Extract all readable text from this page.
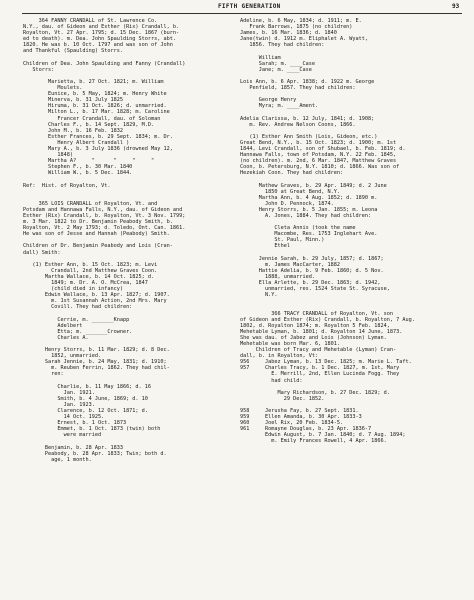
FIFTH GENERATION	93
364 FANNY CRANDALL of St. Lawrence Co.
N.Y., dau. of Gideon and Esther (Rix) Crandall, b.
Royalton, Vt. 27 Apr. 1795; d. 15 Dec. 1867 (burn-
ed to death). m. Dea. John Spaulding Storrs, abt.
1820. He was b. 10 Oct. 1797 and was son of John
and Thankful (Spaulding) Storrs.
Children of Dea. John Spaulding and Fanny (Crandall)
Storrs:
Marietta, b. 27 Oct. 1821; m. William
Moulets.
Eunice, b. 5 May, 1824; m. Henry White
Minerva, b. 31 July 1825
Hiruma, b. 31 Oct. 1826; d. unmarried.
Milton L., b. 17 Mar. 1828; m. Caroline
Francer Crandall, dau. of Soloman
Charles F., b. 14 Sept. 1829, M.D.
John M., b. 16 Feb. 1832
Esther Frances, b. 29 Sept. 1834; m. Dr.
Henry Albert Crandall )
Mary A., b. 3 July 1836 (drowned May 12,
1848)
Martha A?     "      "     "     "
Stephen F., b. 30 Mar. 1840
William W., b. 5 Dec. 1844.
Ref:  Hist. of Royalton, Vt.
365 LOIS CRANDALL of Royalton, Vt. and
Potsdam and Hannawa Falls, N.Y., dau. of Gideon and
Esther (Rix) Crandall, b. Royalton, Vt. 3 Nov. 1799;
m. 3 Mar. 1822 to Dr. Benjamin Peabody Smith, b.
Royalton, Vt. 2 May 1793; d. Toledo, Ont. Can. 1861.
He was son of Jesse and Hannah (Peabody) Smith.
Children of Dr. Benjamin Peabody and Lois (Cran-
dall) Smith:
(1) Esther Ann, b. 15 Oct. 1823; m. Levi
Crandall, 2nd Matthew Graves Coon.
Martha Wallace, b. 14 Oct. 1825; d.
1849; m. Dr. A. O. McCrea, 1847
(child died in infancy)
Edwin Wallace, b. 13 Apr. 1827; d. 1907.
m. 1st Susannah Action, 2nd Mrs. Mary
Covill. They had children:
Cerrie, m. _______Knapp
Adelbert
Etta; m. _______Crowner.
Charles A.
Henry Storrs, b. 11 Mar. 1829; d. 8 Dec.
1852, unmarried.
Sarah Jennie, b. 24 May, 1831; d. 1910;
m. Reuben Ferrin, 1862. They had chil-
ren:
Charlie, b. 11 May 1866; d. 16
Jan. 1921.
Smith, b. 4 June, 1869; d. 10
Jan. 1923.
Clarence, b. 12 Oct. 1871; d.
14 Oct. 1925.
Ernest, b. 1 Oct. 1873
Emmet, b. 1 Oct. 1873 (twin) both
were married
Benjamin, b. 28 Apr. 1833
Peabody, b. 28 Apr. 1833; Twin; both d.
age, 1 month.
Adeline, b. 6 May, 1834; d. 1911; m. E.
Frank Barrows, 1875 (no children)
James, b. 16 Mar. 1836; d. 1840
Jane(twin) d. 1912 m. Eliphalet A. Wyatt,
1856. They had children:
William
Sarah; m. ____Case
Jane; m. ____Case
Lois Ann, b. 6 Apr. 1838; d. 1922 m. George
Penfield, 1857. They had children:
George Henry
Myra; m. ____Ament.
Adelia Clarissa, b. 12 July, 1841; d. 1908;
m. Rev. Andrew Nelson Coons, 1866.
(1) Esther Ann Smith (Lois, Gideon, etc.)
Great Bend, N.Y., b. 15 Oct. 1823; d. 1900; m. 1st
1844, Levi Crandall, son of Shubael, b. Feb. 1819; d.
Hannawa Falls, town of Potsdam, N.Y. 22 Feb. 1845,
(no children). m. 2nd, 6 Mar. 1847, Matthew Graves
Coon, b. Petersburg, N.Y. 1810; d. 1866. Was son of
Hezekiah Coon. They had children:
Mathew Graves, b. 29 Apr. 1849; d. 2 June
1850 at Great Bend, N.Y.
Martha Ann, b. 4 Aug. 1852; d. 1890 m.
John D. Pennock, 1874.
Henry Storrs, b. 5 Jan. 1855; m. Leona
A. Jones, 1884. They had children:
Cleta Annis (took the name
Macombe, Res. 1753 Inglehart Ave.
St. Paul, Minn.)
Ethel
Jennie Sarah, b. 29 July, 1857; d. 1867;
m. James MacCarter, 1882
Hattie Adelia, b. 9 Feb. 1860; d. 5 Nov.
1888, unmarried.
Ella Arlette, b. 29 Dec. 1863; d. 1942,
unmarried, res. 1524 State St. Syracuse,
N.Y.
366 TRACY CRANDALL of Royalton, Vt. son
of Gideon and Esther (Rix) Crandall, b. Royalton, 7 Aug.
1802, d. Royalton 1874; m. Royalton 5 Feb. 1824,
Mehetable Lyman, b. 1801; d. Royalton 14 June, 1873.
She was dau. of Jabez and Lois (Johnson) Lyman.
Mehetable was born Mar. 6, 1801.
Children of Tracy and Mehetable (Lyman) Cran-
dall, b. in Royalton, Vt:
956     Jabez Lyman, b. 13 Dec. 1825; m. Marie L. Taft.
957     Charles Tracy, b. 1 Dec. 1827, m. 1st, Mary
E. Merrill, 2nd, Ellen Lucinda Fogg. They
had child:
Mary Richardson, b. 27 Dec. 1829; d.
29 Dec. 1852.
958     Jerusha Fay, b. 27 Sept. 1831.
959     Ellen Amanda, b. 30 Apr. 1833-3
960     Joel Rix, 20 Feb. 1834-5.
961     Romayne Douglas, b. 23 Apr. 1836-7
Edwin August, b. 7 Jan. 1840; d. 7 Aug. 1894;
m. Emily Frances Rowell, 4 Apr. 1866.
